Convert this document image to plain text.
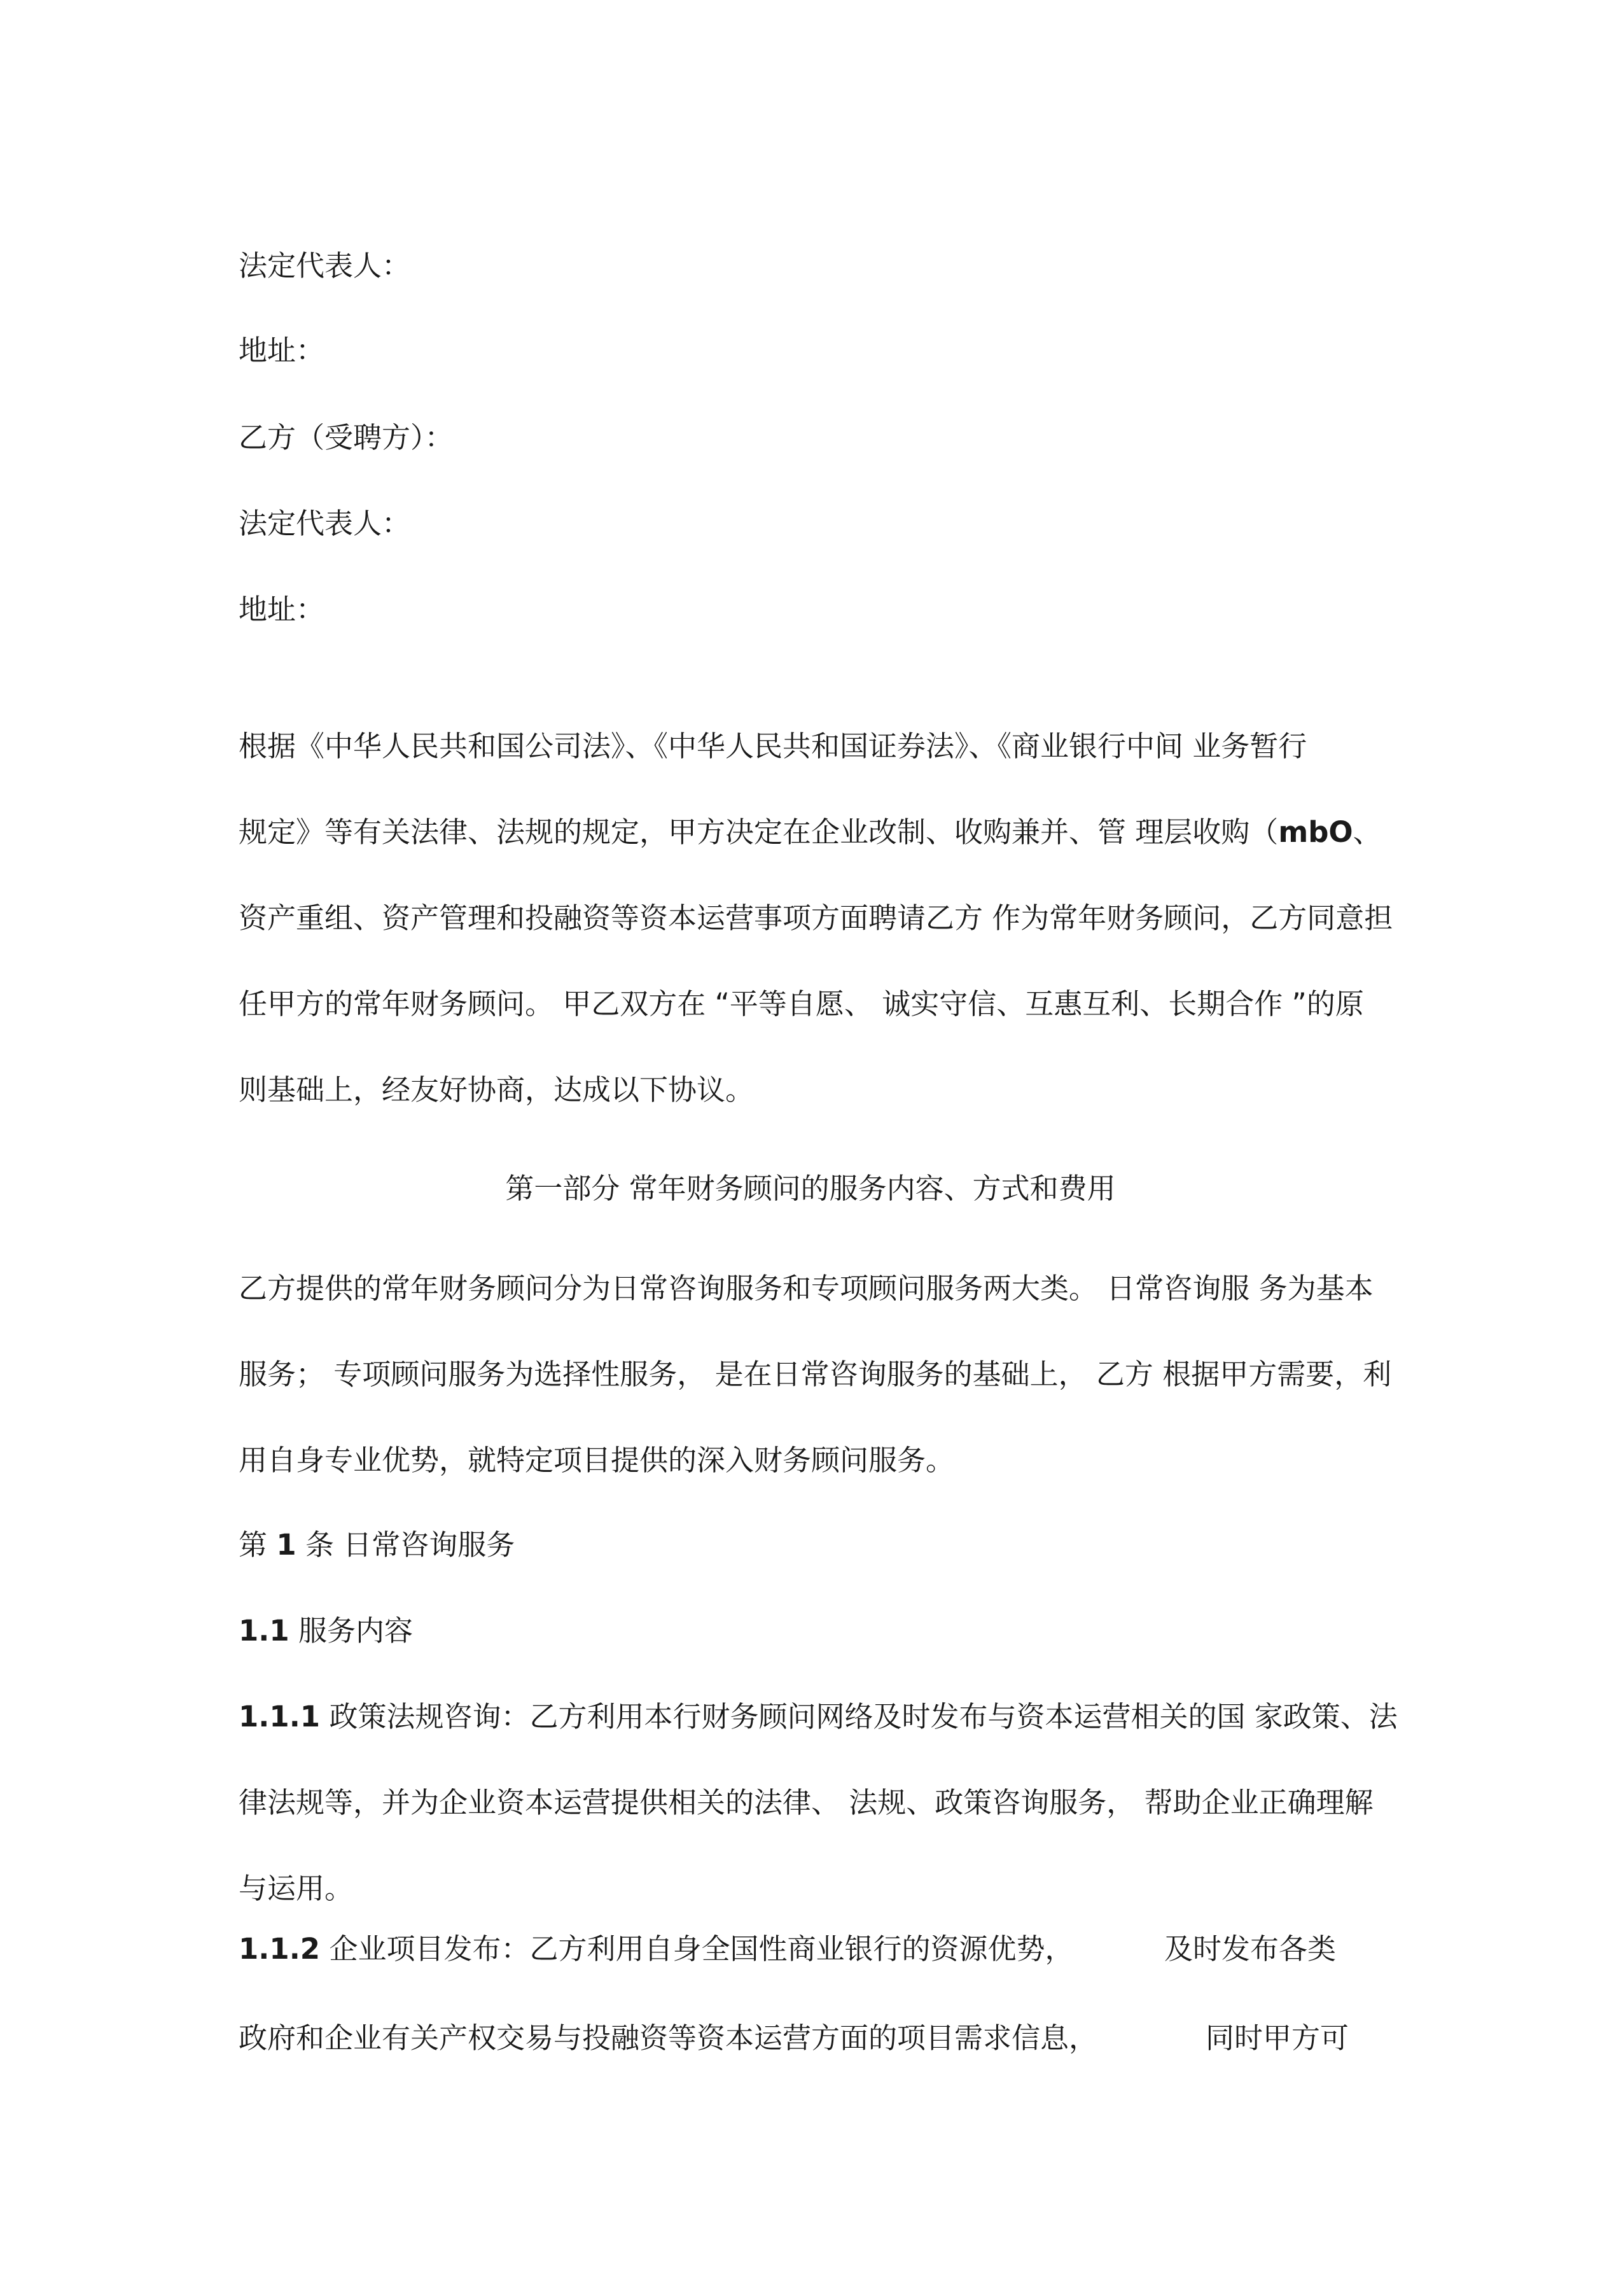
法定代表人：
地址：
乙方（受聘方）：
法定代表人：
地址：
根据《中华人民共和国公司法》、《中华人民共和国证券法》、《商业银行中间 业务暂行
规定》等有关法律、法规的规定，甲方决定在企业改制、收购兼并、管 理层收购（mbO、
资产重组、资产管理和投融资等资本运营事项方面聘请乙方 作为常年财务顾问，乙方同意担
任甲方的常年财务顾问。 甲乙双方在 “平等自愿、 诚实守信、互惠互利、长期合作 ”的原
则基础上，经友好协商，达成以下协议。
第一部分 常年财务顾问的服务内容、方式和费用
乙方提供的常年财务顾问分为日常咨询服务和专项顾问服务两大类。 日常咨询服 务为基本
服务； 专项顾问服务为选择性服务， 是在日常咨询服务的基础上， 乙方 根据甲方需要，利
用自身专业优势，就特定项目提供的深入财务顾问服务。
第 1 条 日常咨询服务
1.1 服务内容
1.1.1 政策法规咨询：乙方利用本行财务顾问网络及时发布与资本运营相关的国 家政策、法
律法规等，并为企业资本运营提供相关的法律、 法规、政策咨询服务， 帮助企业正确理解
与运用。
1.1.2 企业项目发布：乙方利用自身全国性商业银行的资源优势，	及时发布各类
政府和企业有关产权交易与投融资等资本运营方面的项目需求信息，	同时甲方可
